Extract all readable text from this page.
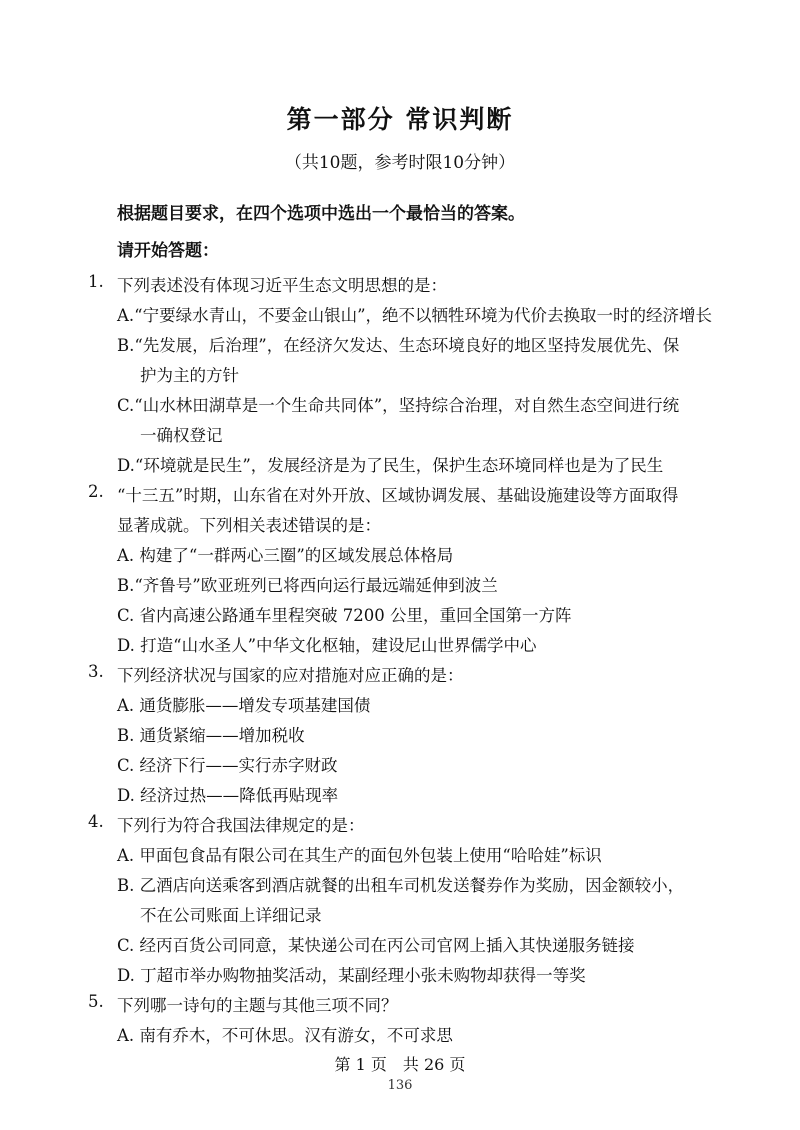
第一部分 常识判断
（共10题，参考时限10分钟）
根据题目要求，在四个选项中选出一个最恰当的答案。
请开始答题：
1. 下列表述没有体现习近平生态文明思想的是：
A.“宁要绿水青山，不要金山银山”，绝不以牺牲环境为代价去换取一时的经济增长
B.“先发展，后治理”，在经济欠发达、生态环境良好的地区坚持发展优先、保
护为主的方针
C.“山水林田湖草是一个生命共同体”，坚持综合治理，对自然生态空间进行统
一确权登记
D.“环境就是民生”，发展经济是为了民生，保护生态环境同样也是为了民生
2. “十三五”时期，山东省在对外开放、区域协调发展、基础设施建设等方面取得
显著成就。下列相关表述错误的是：
A. 构建了“一群两心三圈”的区域发展总体格局
B.“齐鲁号”欧亚班列已将西向运行最远端延伸到波兰
C. 省内高速公路通车里程突破 7200 公里，重回全国第一方阵
D. 打造“山水圣人”中华文化枢轴，建设尼山世界儒学中心
3. 下列经济状况与国家的应对措施对应正确的是：
A. 通货膨胀——增发专项基建国债
B. 通货紧缩——增加税收
C. 经济下行——实行赤字财政
D. 经济过热——降低再贴现率
4. 下列行为符合我国法律规定的是：
A. 甲面包食品有限公司在其生产的面包外包装上使用“哈哈娃”标识
B. 乙酒店向送乘客到酒店就餐的出租车司机发送餐券作为奖励，因金额较小，
不在公司账面上详细记录
C. 经丙百货公司同意，某快递公司在丙公司官网上插入其快递服务链接
D. 丁超市举办购物抽奖活动，某副经理小张未购物却获得一等奖
5. 下列哪一诗句的主题与其他三项不同？
A. 南有乔木，不可休思。汉有游女，不可求思
第 1 页　共 26 页
136
